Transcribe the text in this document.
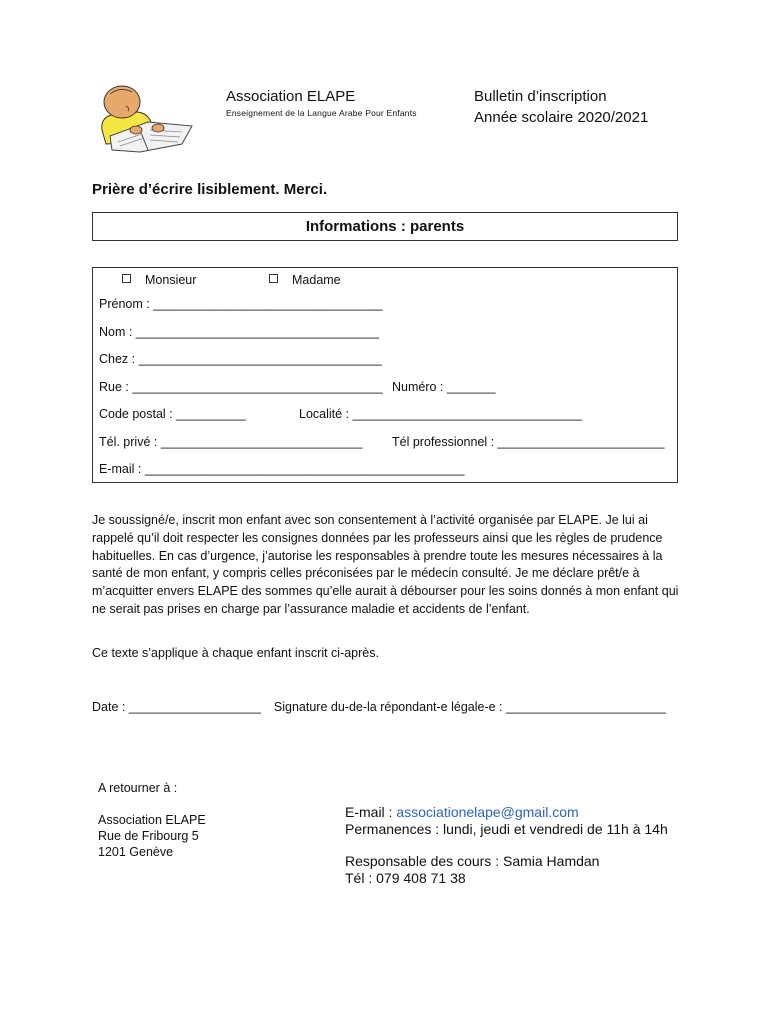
Association ELAPE
Enseignement de la Langue Arabe Pour Enfants
Bulletin d’inscription
Année scolaire 2020/2021
Prière d’écrire lisiblement. Merci.
Informations : parents
Monsieur	Madame
Prénom : _________________________________
Nom : ___________________________________
Chez : ___________________________________
Rue : ____________________________________ Numéro : _______
Code postal : __________	Localité : _________________________________
Tél. privé : _____________________________ Tél professionnel : ________________________
E-mail : ______________________________________________

Je soussigné/e, inscrit mon enfant avec son consentement à l’activité organisée par ELAPE. Je lui ai rappelé qu’il doit respecter les consignes données par les professeurs ainsi que les règles de prudence habituelles. En cas d’urgence, j’autorise les responsables à prendre toute les mesures nécessaires à la santé de mon enfant, y compris celles préconisées par le médecin consulté. Je me déclare prêt/e à m’acquitter envers ELAPE des sommes qu’elle aurait à débourser pour les soins donnés à mon enfant qui ne serait pas prises en charge par l’assurance maladie et accidents de l’enfant.

Ce texte s’applique à chaque enfant inscrit ci-après.
Date : ___________________ Signature du-de-la répondant-e légale-e : _______________________
A retourner à :
Association ELAPE
Rue de Fribourg 5
1201 Genève
E-mail : associationelape@gmail.com
Permanences : lundi, jeudi et vendredi de 11h à 14h
Responsable des cours : Samia Hamdan
Tél : 079 408 71 38
